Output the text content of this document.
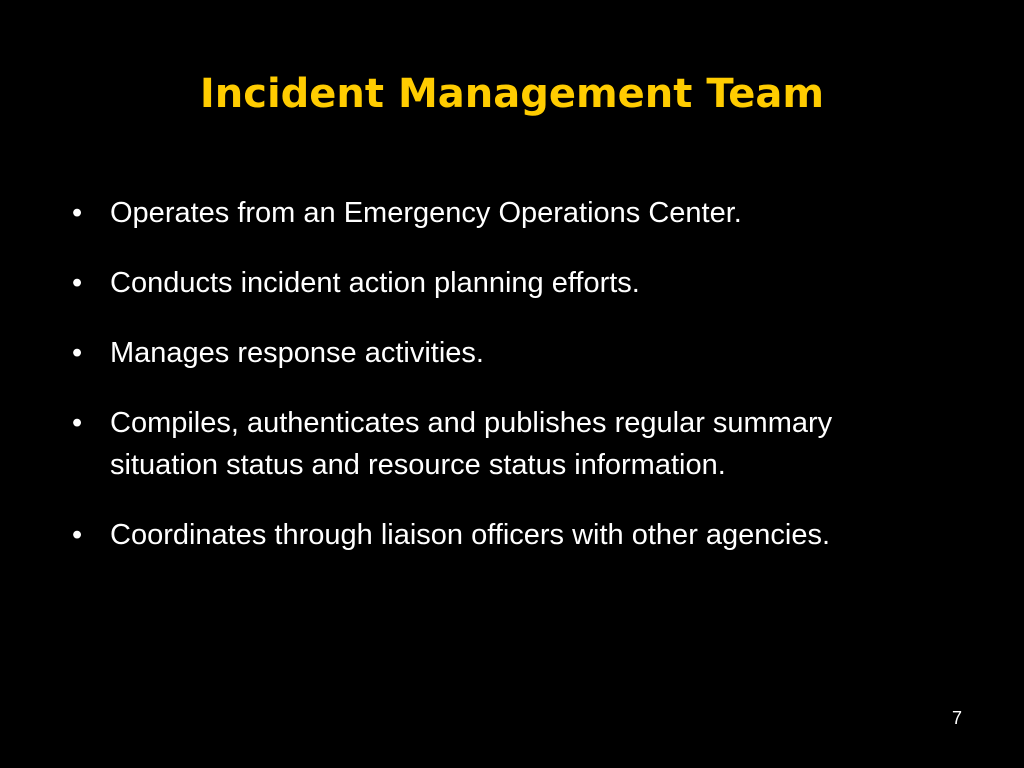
Incident Management Team
• Operates from an Emergency Operations Center.
• Conducts incident action planning efforts.
• Manages response activities.
• Compiles, authenticates and publishes regular summary situation status and resource status information.
• Coordinates through liaison officers with other agencies.
7
